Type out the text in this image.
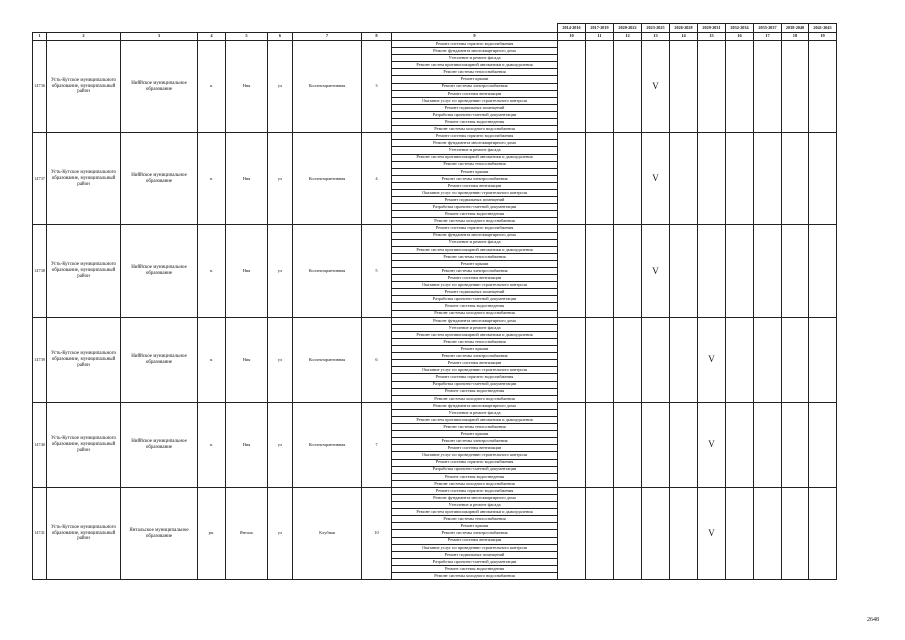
									2014-2016	2017-2019	2020-2022	2023-2025	2026-2028	2029-2031	2032-2034	2035-2037	2038-2040	2041-2043
1	2	3	4	5	6	7	8	9	10	11	12	13	14	15	16	17	18	19
14736	Усть-Кутское муниципального образование, муниципальный район	Ниййское муниципальное образование	п.	Ния	ул	Коллектарантивная	3	Ремонт системы горячего водоснабжения				V						
								Ремонт фундамента многоквартирного дома										
								Утепление и ремонт фасада										
								Ремонт систем противопожарной автоматики и дымоудаления										
								Ремонт системы теплоснабжения										
								Ремонт крыши										
								Ремонт системы электроснабжения										
								Ремонт системы вентиляции										
								Оказание услуг по проведению строительного контроля										
								Ремонт подвальных помещений										
								Разработка проектно-сметной документации										
								Ремонт системы водоотведения										
								Ремонт системы холодного водоснабжения										
14737	Усть-Кутское муниципального образование, муниципальный район	Ниййское муниципальное образование	п.	Ния	ул	Коллектарантивная	4	Ремонт системы горячего водоснабжения				V						
								Ремонт фундамента многоквартирного дома										
								Утепление и ремонт фасада										
								Ремонт систем противопожарной автоматики и дымоудаления										
								Ремонт системы теплоснабжения										
								Ремонт крыши										
								Ремонт системы электроснабжения										
								Ремонт системы вентиляции										
								Оказание услуг по проведению строительного контроля										
								Ремонт подвальных помещений										
								Разработка проектно-сметной документации										
								Ремонт системы водоотведения										
								Ремонт системы холодного водоснабжения										
14738	Усть-Кутское муниципального образование, муниципальный район	Ниййское муниципальное образование	п.	Ния	ул	Коллектарантивная	5	Ремонт системы горячего водоснабжения				V						
								Ремонт фундамента многоквартирного дома										
								Утепление и ремонт фасада										
								Ремонт систем противопожарной автоматики и дымоудаления										
								Ремонт системы теплоснабжения										
								Ремонт крыши										
								Ремонт системы электроснабжения										
								Ремонт системы вентиляции										
								Оказание услуг по проведению строительного контроля										
								Ремонт подвальных помещений										
								Разработка проектно-сметной документации										
								Ремонт системы водоотведения										
								Ремонт системы холодного водоснабжения										
14739	Усть-Кутское муниципального образование, муниципальный район	Ниййское муниципальное образование	п.	Ния	ул	Коллектарантивная	6	Ремонт фундамента многоквартирного дома						V				
								Утепление и ремонт фасада										
								Ремонт систем противопожарной автоматики и дымоудаления										
								Ремонт системы теплоснабжения										
								Ремонт крыши										
								Ремонт системы электроснабжения										
								Ремонт системы вентиляции										
								Оказание услуг по проведению строительного контроля										
								Ремонт системы горячего водоснабжения										
								Разработка проектно-сметной документации										
								Ремонт системы водоотведения										
								Ремонт системы холодного водоснабжения										
14740	Усть-Кутское муниципального образование, муниципальный район	Ниййское муниципальное образование	п.	Ния	ул	Коллектарантивная	7	Ремонт фундамента многоквартирного дома						V				
								Утепление и ремонт фасада										
								Ремонт систем противопожарной автоматики и дымоудаления										
								Ремонт системы теплоснабжения										
								Ремонт крыши										
								Ремонт системы электроснабжения										
								Ремонт системы вентиляции										
								Оказание услуг по проведению строительного контроля										
								Ремонт системы горячего водоснабжения										
								Разработка проектно-сметной документации										
								Ремонт системы водоотведения										
								Ремонт системы холодного водоснабжения										
14741	Усть-Кутское муниципального образование, муниципальный район	Янтальское муниципальное образование	рп.	Янталь	ул	Клубная	10	Ремонт системы горячего водоснабжения						V				
								Ремонт фундамента многоквартирного дома										
								Утепление и ремонт фасада										
								Ремонт систем противопожарной автоматики и дымоудаления										
								Ремонт системы теплоснабжения										
								Ремонт крыши										
								Ремонт системы электроснабжения										
								Ремонт системы вентиляции										
								Оказание услуг по проведению строительного контроля										
								Ремонт подвальных помещений										
								Разработка проектно-сметной документации										
								Ремонт системы водоотведения										
								Ремонт системы холодного водоснабжения										
2648
